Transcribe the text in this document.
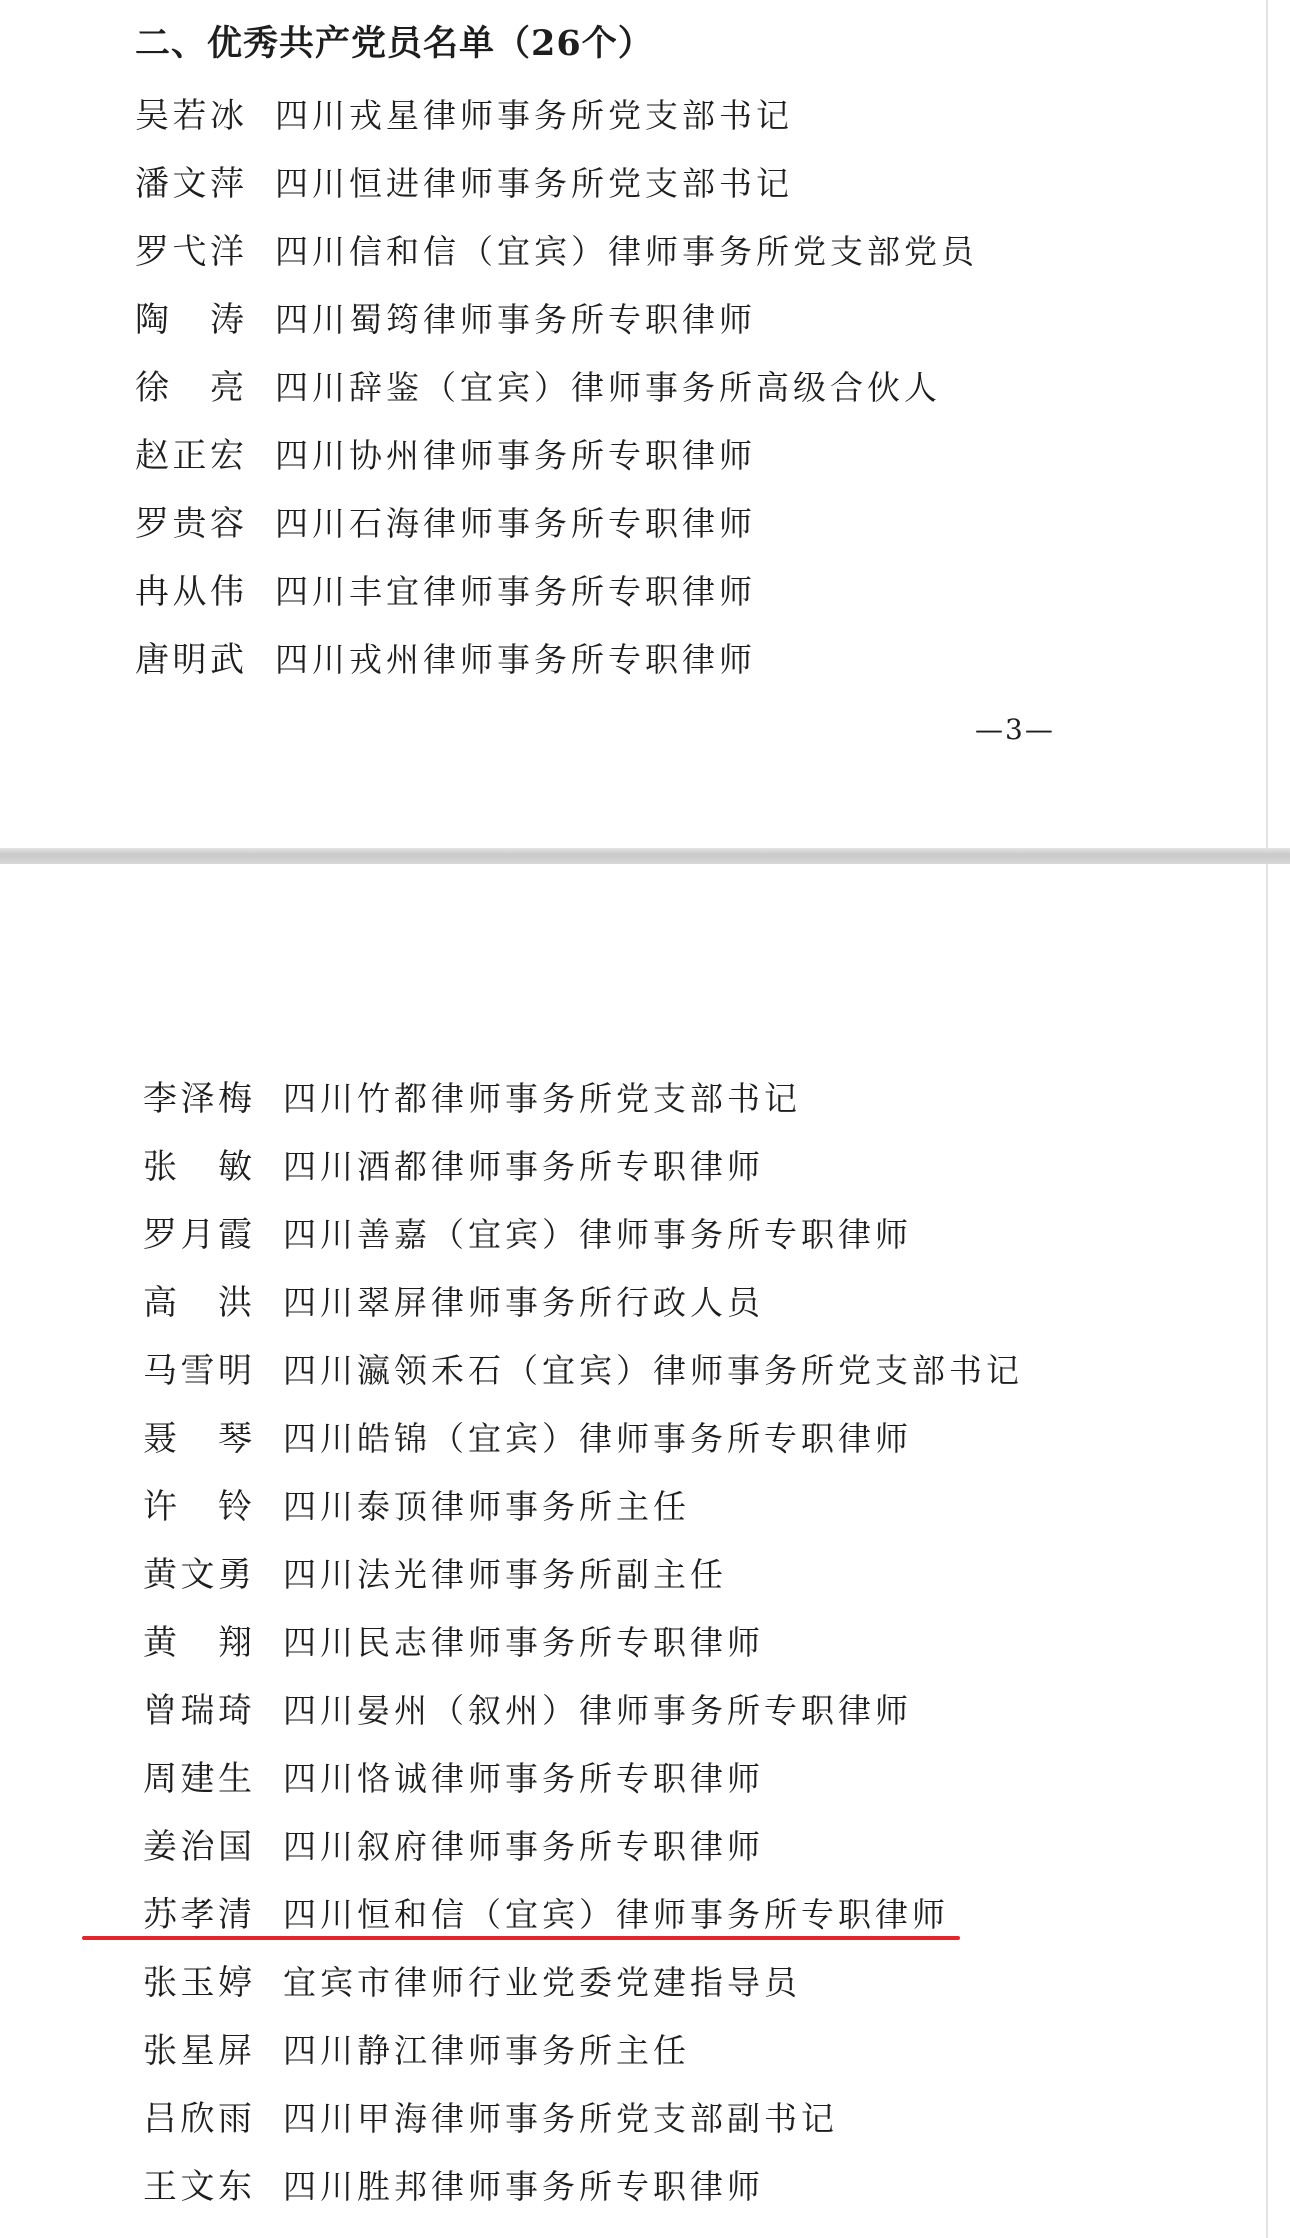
二、优秀共产党员名单（26个）
吴若冰 四川戎星律师事务所党支部书记
潘文萍 四川恒进律师事务所党支部书记
罗弋洋 四川信和信（宜宾）律师事务所党支部党员
陶涛 四川蜀筠律师事务所专职律师
徐亮 四川辞鉴（宜宾）律师事务所高级合伙人
赵正宏 四川协州律师事务所专职律师
罗贵容 四川石海律师事务所专职律师
冉从伟 四川丰宜律师事务所专职律师
唐明武 四川戎州律师事务所专职律师
—3—
李泽梅 四川竹都律师事务所党支部书记
张敏 四川酒都律师事务所专职律师
罗月霞 四川善嘉（宜宾）律师事务所专职律师
高洪 四川翠屏律师事务所行政人员
马雪明 四川瀛领禾石（宜宾）律师事务所党支部书记
聂琴 四川皓锦（宜宾）律师事务所专职律师
许铃 四川泰顶律师事务所主任
黄文勇 四川法光律师事务所副主任
黄翔 四川民志律师事务所专职律师
曾瑞琦 四川晏州（叙州）律师事务所专职律师
周建生 四川恪诚律师事务所专职律师
姜治国 四川叙府律师事务所专职律师
苏孝清 四川恒和信（宜宾）律师事务所专职律师
张玉婷 宜宾市律师行业党委党建指导员
张星屏 四川静江律师事务所主任
吕欣雨 四川甲海律师事务所党支部副书记
王文东 四川胜邦律师事务所专职律师
